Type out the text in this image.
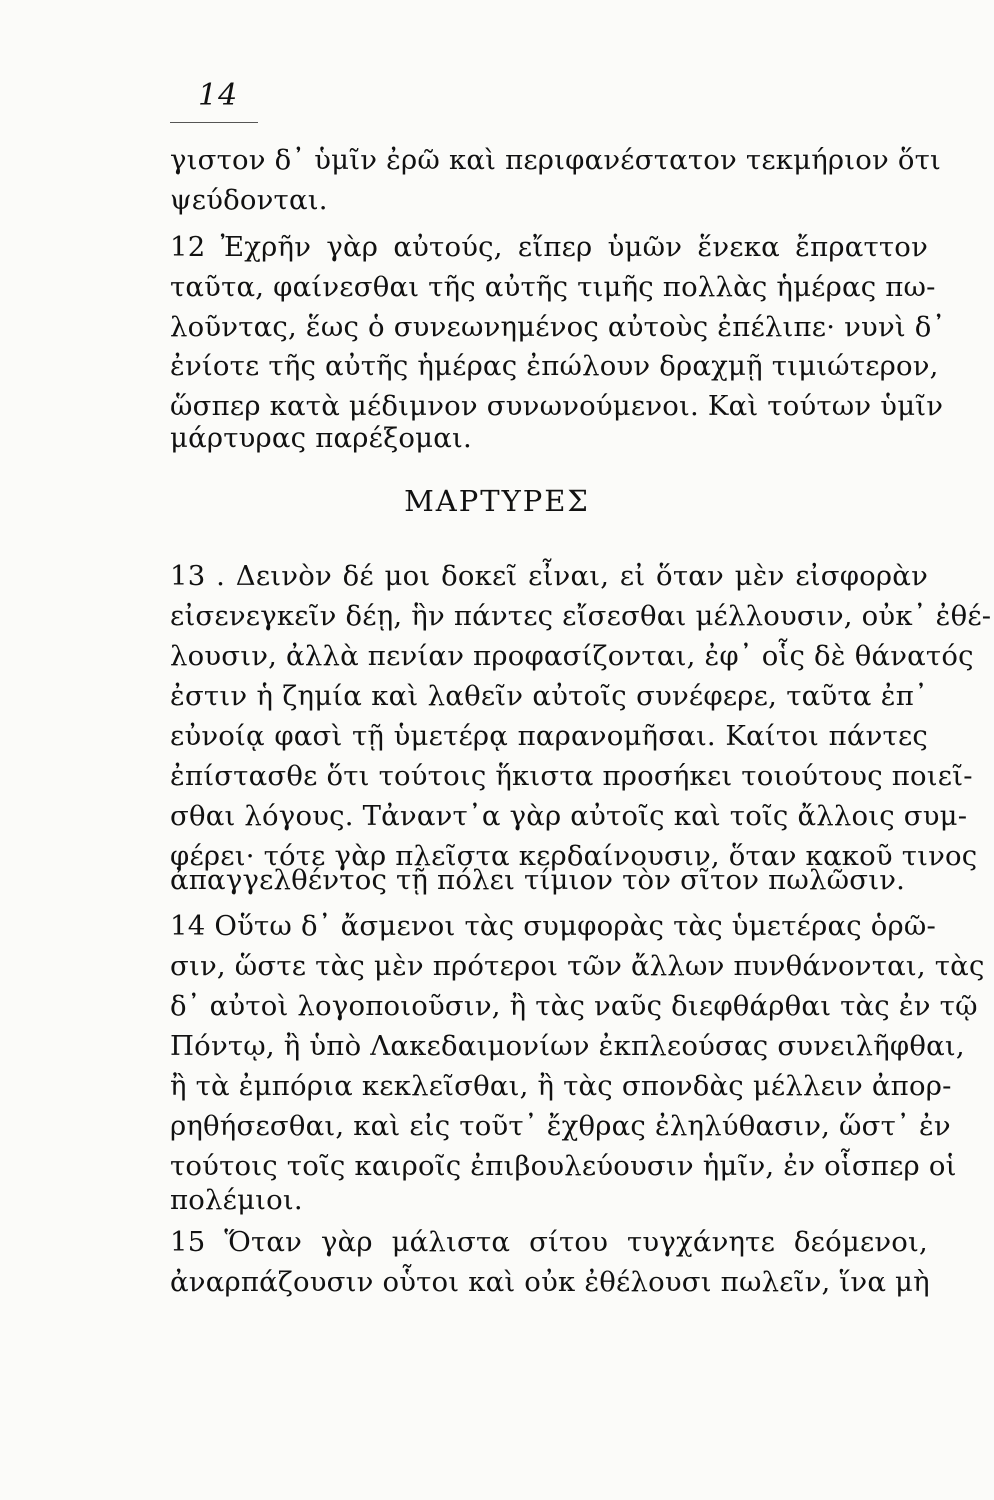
14
γιστον δ᾽ ὑμῖν ἐρῶ καὶ περιφανέστατον τεκμήριον ὅτι
ψεύδονται.
12 Ἐχρῆν γὰρ αὐτούς, εἴπερ ὑμῶν ἕνεκα ἔπραττον
ταῦτα, φαίνεσθαι τῆς αὐτῆς τιμῆς πολλὰς ἡμέρας πω-
λοῦντας, ἕως ὁ συνεωνημένος αὐτοὺς ἐπέλιπε· νυνὶ δ᾽
ἐνίοτε τῆς αὐτῆς ἡμέρας ἐπώλουν δραχμῇ τιμιώτερον,
ὥσπερ κατὰ μέδιμνον συνωνούμενοι. Καὶ τούτων ὑμῖν
μάρτυρας παρέξομαι.
ΜΑΡΤΥΡΕΣ
13 . Δεινὸν δέ μοι δοκεῖ εἶναι, εἰ ὅταν μὲν εἰσφορὰν
εἰσενεγκεῖν δέῃ, ἣν πάντες εἴσεσθαι μέλλουσιν, οὐκ᾽ ἐθέ-
λουσιν, ἀλλὰ πενίαν προφασίζονται, ἐφ᾽ οἷς δὲ θάνατός
ἐστιν ἡ ζημία καὶ λαθεῖν αὐτοῖς συνέφερε, ταῦτα ἐπ᾽
εὐνοίᾳ φασὶ τῇ ὑμετέρᾳ παρανομῆσαι. Καίτοι πάντες
ἐπίστασθε ὅτι τούτοις ἥκιστα προσήκει τοιούτους ποιεῖ-
σθαι λόγους. Τἀναντ᾽α γὰρ αὐτοῖς καὶ τοῖς ἄλλοις συμ-
φέρει· τότε γὰρ πλεῖστα κερδαίνουσιν, ὅταν κακοῦ τινος
ἀπαγγελθέντος τῇ πόλει τίμιον τὸν σῖτον πωλῶσιν.
14 Οὕτω δ᾽ ἄσμενοι τὰς συμφορὰς τὰς ὑμετέρας ὁρῶ-
σιν, ὥστε τὰς μὲν πρότεροι τῶν ἄλλων πυνθάνονται, τὰς
δ᾽ αὐτοὶ λογοποιοῦσιν, ἢ τὰς ναῦς διεφθάρθαι τὰς ἐν τῷ
Πόντῳ, ἢ ὑπὸ Λακεδαιμονίων ἐκπλεούσας συνειλῆφθαι,
ἢ τὰ ἐμπόρια κεκλεῖσθαι, ἢ τὰς σπονδὰς μέλλειν ἀπορ-
ρηθήσεσθαι, καὶ εἰς τοῦτ᾽ ἔχθρας ἐληλύθασιν, ὥστ᾽ ἐν
τούτοις τοῖς καιροῖς ἐπιβουλεύουσιν ἡμῖν, ἐν οἷσπερ οἱ
πολέμιοι.
15 Ὅταν γὰρ μάλιστα σίτου τυγχάνητε δεόμενοι,
ἀναρπάζουσιν οὗτοι καὶ οὐκ ἐθέλουσι πωλεῖν, ἵνα μὴ
